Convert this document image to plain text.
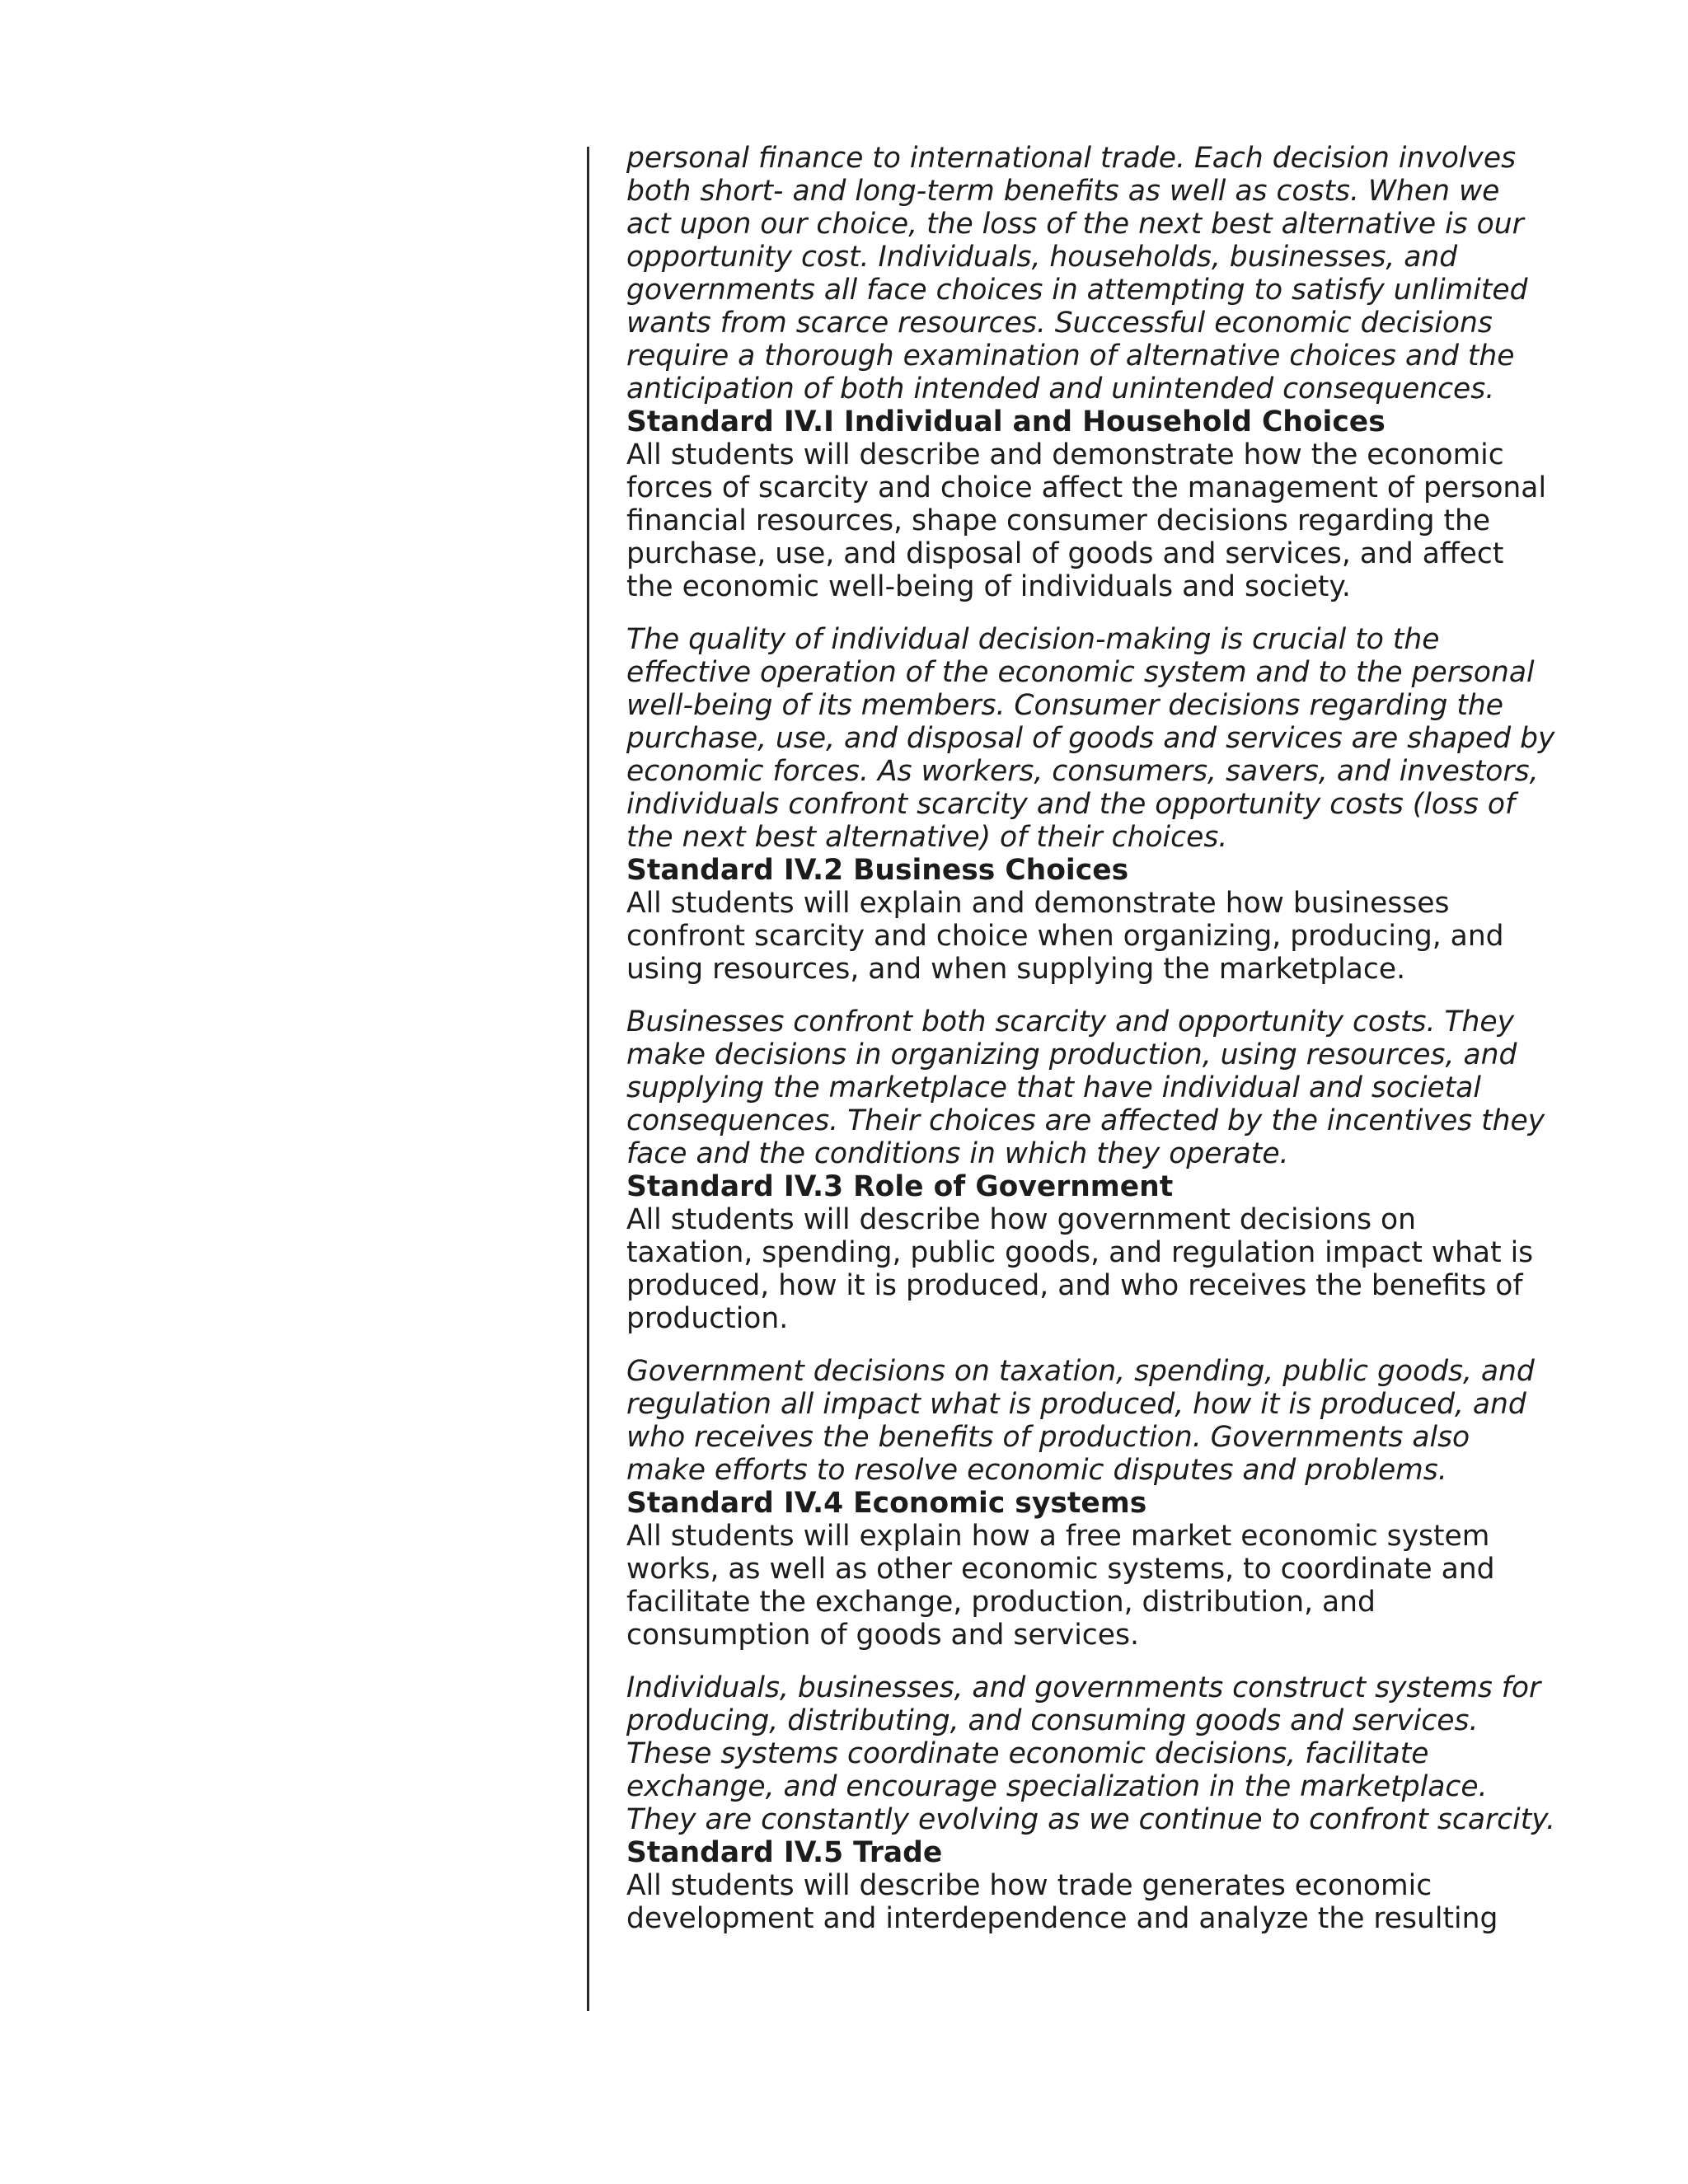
personal finance to international trade. Each decision involves
both short- and long-term benefits as well as costs. When we
act upon our choice, the loss of the next best alternative is our
opportunity cost. Individuals, households, businesses, and
governments all face choices in attempting to satisfy unlimited
wants from scarce resources. Successful economic decisions
require a thorough examination of alternative choices and the
anticipation of both intended and unintended consequences.

Standard IV.I Individual and Household Choices

All students will describe and demonstrate how the economic
forces of scarcity and choice affect the management of personal
financial resources, shape consumer decisions regarding the
purchase, use, and disposal of goods and services, and affect
the economic well-being of individuals and society.
The quality of individual decision-making is crucial to the
effective operation of the economic system and to the personal
well-being of its members. Consumer decisions regarding the
purchase, use, and disposal of goods and services are shaped by
economic forces. As workers, consumers, savers, and investors,
individuals confront scarcity and the opportunity costs (loss of
the next best alternative) of their choices.

Standard IV.2 Business Choices

All students will explain and demonstrate how businesses
confront scarcity and choice when organizing, producing, and
using resources, and when supplying the marketplace.
Businesses confront both scarcity and opportunity costs. They
make decisions in organizing production, using resources, and
supplying the marketplace that have individual and societal
consequences. Their choices are affected by the incentives they
face and the conditions in which they operate.

Standard IV.3 Role of Government

All students will describe how government decisions on
taxation, spending, public goods, and regulation impact what is
produced, how it is produced, and who receives the benefits of
production.
Government decisions on taxation, spending, public goods, and
regulation all impact what is produced, how it is produced, and
who receives the benefits of production. Governments also
make efforts to resolve economic disputes and problems.

Standard IV.4 Economic systems

All students will explain how a free market economic system
works, as well as other economic systems, to coordinate and
facilitate the exchange, production, distribution, and
consumption of goods and services.
Individuals, businesses, and governments construct systems for
producing, distributing, and consuming goods and services.
These systems coordinate economic decisions, facilitate
exchange, and encourage specialization in the marketplace.
They are constantly evolving as we continue to confront scarcity.

Standard IV.5 Trade

All students will describe how trade generates economic
development and interdependence and analyze the resulting
